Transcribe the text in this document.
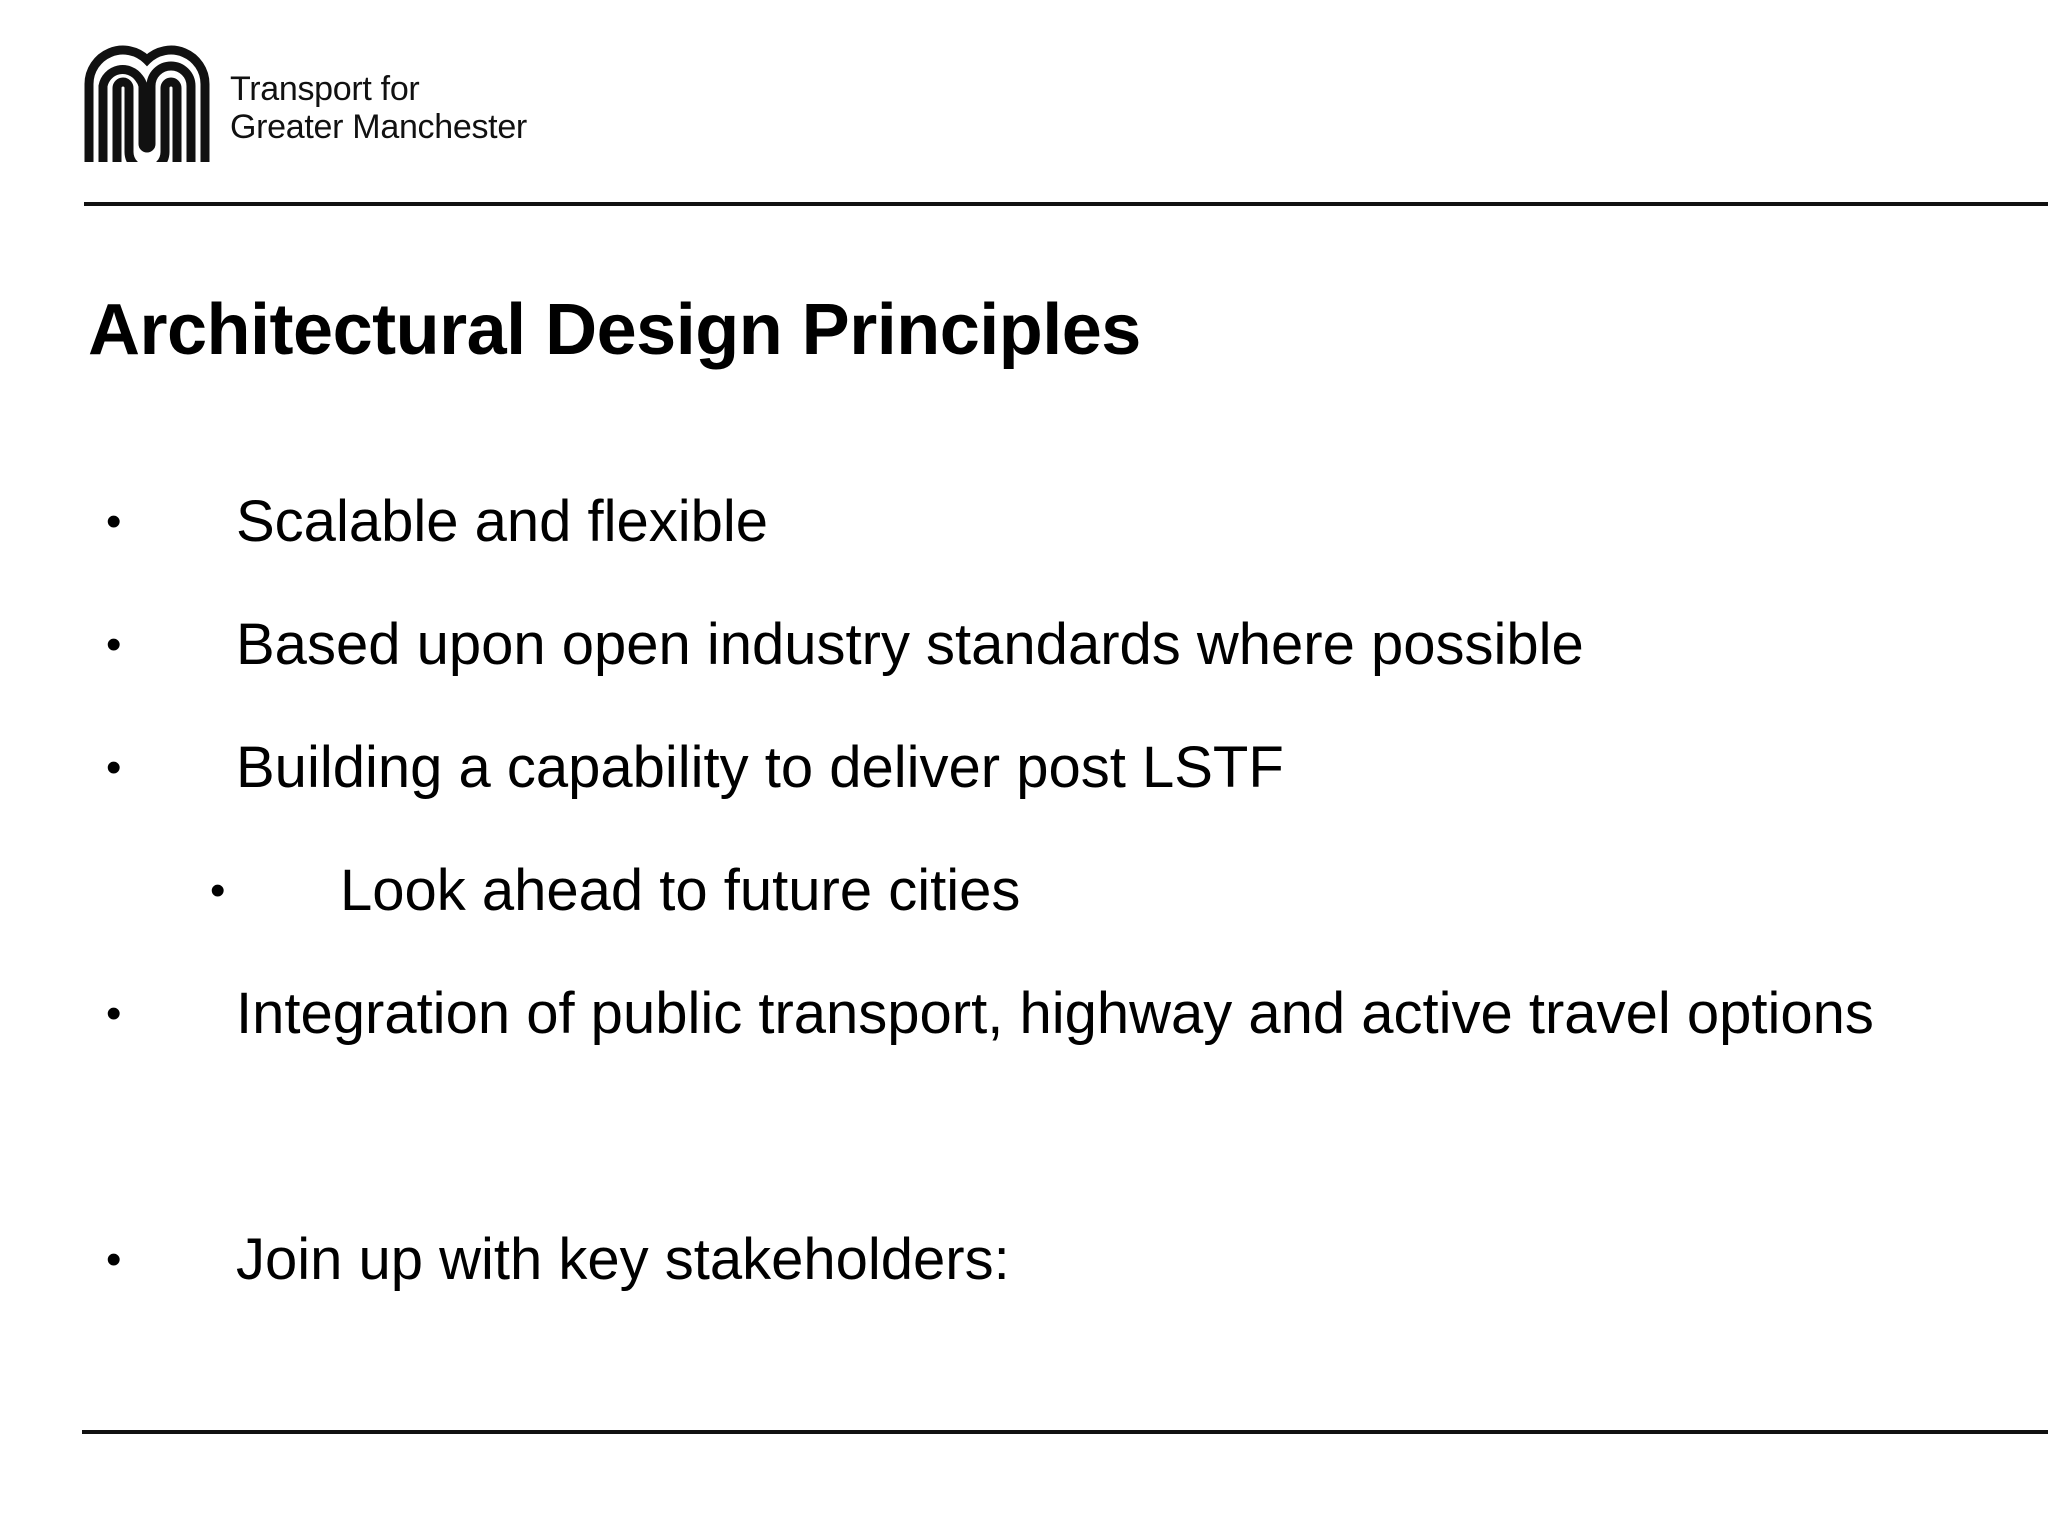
Transport for
Greater Manchester
Architectural Design Principles
• Scalable and flexible
• Based upon open industry standards where possible
• Building a capability to deliver post LSTF
• Look ahead to future cities
• Integration of public transport, highway and active travel options
• Join up with key stakeholders:
